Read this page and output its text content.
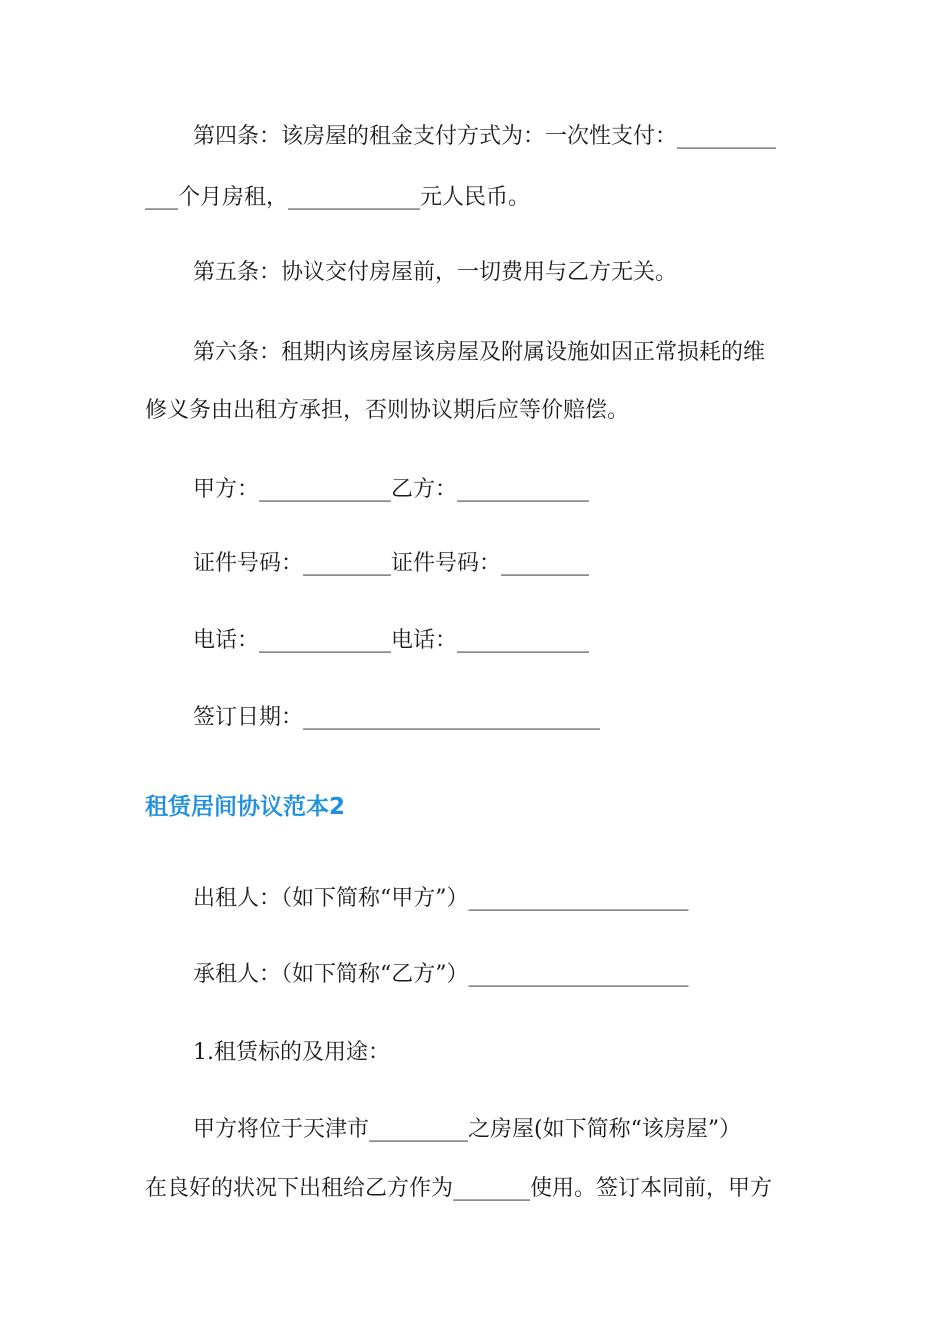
第四条：该房屋的租金支付方式为：一次性支付：_________
___个月房租，____________元人民币。
第五条：协议交付房屋前，一切费用与乙方无关。
第六条：租期内该房屋该房屋及附属设施如因正常损耗的维
修义务由出租方承担，否则协议期后应等价赔偿。
甲方：____________乙方：____________
证件号码：________证件号码：________
电话：____________电话：____________
签订日期：___________________________
租赁居间协议范本2
出租人：（如下简称“甲方”）____________________
承租人：（如下简称“乙方”）____________________
1.租赁标的及用途：
甲方将位于天津市_________之房屋(如下简称“该房屋”）
在良好的状况下出租给乙方作为_______使用。签订本同前，甲方
